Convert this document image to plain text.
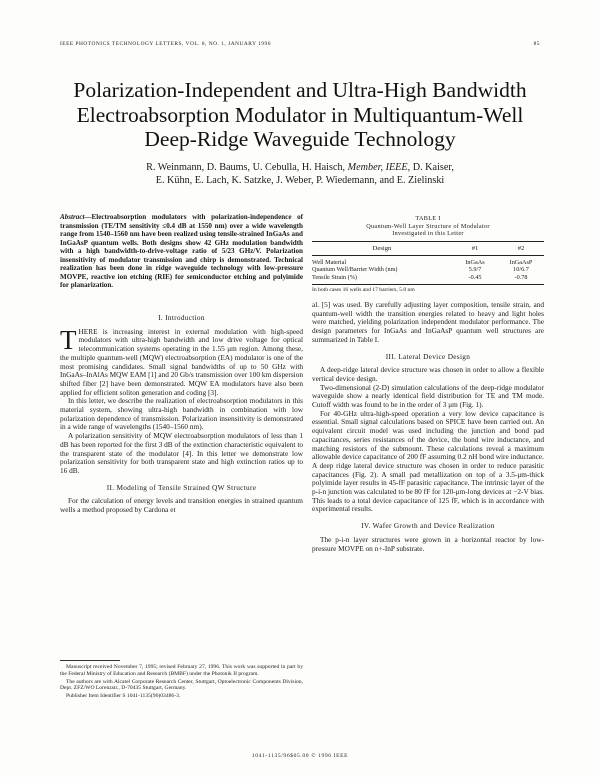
IEEE PHOTONICS TECHNOLOGY LETTERS, VOL. 8, NO. 1, JANUARY 1996	85
Polarization-Independent and Ultra-High Bandwidth
Electroabsorption Modulator in Multiquantum-Well
Deep-Ridge Waveguide Technology
R. Weinmann, D. Baums, U. Cebulla, H. Haisch, Member, IEEE, D. Kaiser,
E. Kühn, E. Lach, K. Satzke, J. Weber, P. Wiedemann, and E. Zielinski
Abstract—Electroabsorption modulators with polarization-independence of transmission (TE/TM sensitivity ≤0.4 dB at 1550 nm) over a wide wavelength range from 1540–1560 nm have been realized using tensile-strained InGaAs and InGaAsP quantum wells. Both designs show 42 GHz modulation bandwidth with a high bandwidth-to-drive-voltage ratio of 5/23 GHz/V. Polarization insensitivity of modulator transmission and chirp is demonstrated. Technical realization has been done in ridge waveguide technology with low-pressure MOVPE, reactive ion etching (RIE) for semiconductor etching and polyimide for planarization.
TABLE I
Quantum-Well Layer Structure of Modulator
Investigated in this Letter
Design	#1	#2
Well Material	InGaAs	InGaAsP
Quantum Well/Barrier Width (nm)	5.9/7	10/6.7
Tensile Strain (%)	-0.45	-0.78
In both cases 16 wells and 17 barriers, 5.0 nm
I. Introduction

THERE is increasing interest in external modulation with high-speed modulators with ultra-high bandwidth and low drive voltage for optical telecommunication systems operating in the 1.55 μm region. Among these, the multiple quantum-well (MQW) electroabsorption (EA) modulator is one of the most promising candidates. Small signal bandwidths of up to 50 GHz with InGaAs–InAlAs MQW EAM [1] and 20 Gb/s transmission over 100 km dispersion shifted fiber [2] have been demonstrated. MQW EA modulators have also been applied for efficient soliton generation and coding [3].

In this letter, we describe the realization of electroabsorption modulators in this material system, showing ultra-high bandwidth in combination with low polarization dependence of transmission. Polarization insensitivity is demonstrated in a wide range of wavelengths (1540–1560 nm).

A polarization sensitivity of MQW electroabsorption modulators of less than 1 dB has been reported for the first 3 dB of the extinction characteristic equivalent to the transparent state of the modulator [4]. In this letter we demonstrate low polarization sensitivity for both transparent state and high extinction ratios up to 16 dB.

II. Modeling of Tensile Strained QW Structure

For the calculation of energy levels and transition energies in strained quantum wells a method proposed by Cardona et

Manuscript received November 7, 1995; revised February 27, 1996. This work was supported in part by the Federal Ministry of Education and Research (BMBF) under the Photonik II program.

The authors are with Alcatel Corporate Research Center, Stuttgart, Optoelectronic Components Division, Dept. ZFZ/WO Lorenzstr., D-70435 Stuttgart, Germany.

Publisher Item Identifier S 1041-1135(96)03486-3.

al. [5] was used. By carefully adjusting layer composition, tensile strain, and quantum-well width the transition energies related to heavy and light holes were matched, yielding polarization independent modulator performance. The design parameters for InGaAs and InGaAsP quantum well structures are summarized in Table I.

III. Lateral Device Design

A deep-ridge lateral device structure was chosen in order to allow a flexible vertical device design.

Two-dimensional (2-D) simulation calculations of the deep-ridge modulator waveguide show a nearly identical field distribution for TE and TM mode. Cutoff width was found to be in the order of 3 μm (Fig. 1).

For 40-GHz ultra-high-speed operation a very low device capacitance is essential. Small signal calculations based on SPICE have been carried out. An equivalent circuit model was used including the junction and bond pad capacitances, series resistances of the device, the bond wire inductance, and matching resistors of the submount. These calculations reveal a maximum allowable device capacitance of 200 fF assuming 0.2 nH bond wire inductance. A deep ridge lateral device structure was chosen in order to reduce parasitic capacitances (Fig. 2). A small pad metallization on top of a 3.5-μm-thick polyimide layer results in 45-fF parasitic capacitance. The intrinsic layer of the p-i-n junction was calculated to be 80 fF for 120-μm-long devices at −2-V bias. This leads to a total device capacitance of 125 fF, which is in accordance with experimental results.

IV. Wafer Growth and Device Realization

The p-i-n layer structures were grown in a horizontal reactor by low-pressure MOVPE on n+-InP substrate.

1041-1135/96$05.00 © 1996 IEEE
